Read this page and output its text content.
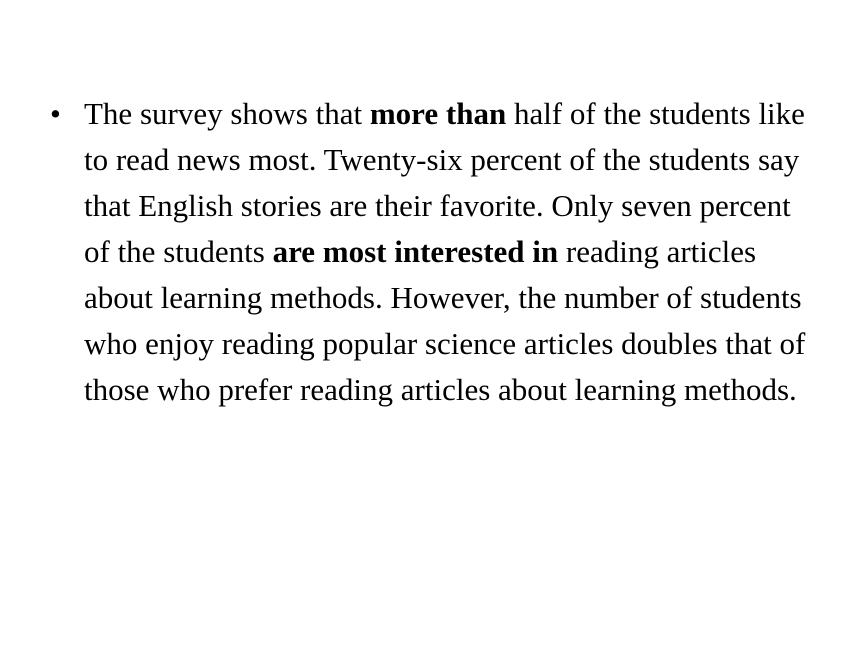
• The survey shows that more than half of the students like to read news most. Twenty-six percent of the students say that English stories are their favorite. Only seven percent of the students are most interested in reading articles about learning methods. However, the number of students who enjoy reading popular science articles doubles that of those who prefer reading articles about learning methods.
